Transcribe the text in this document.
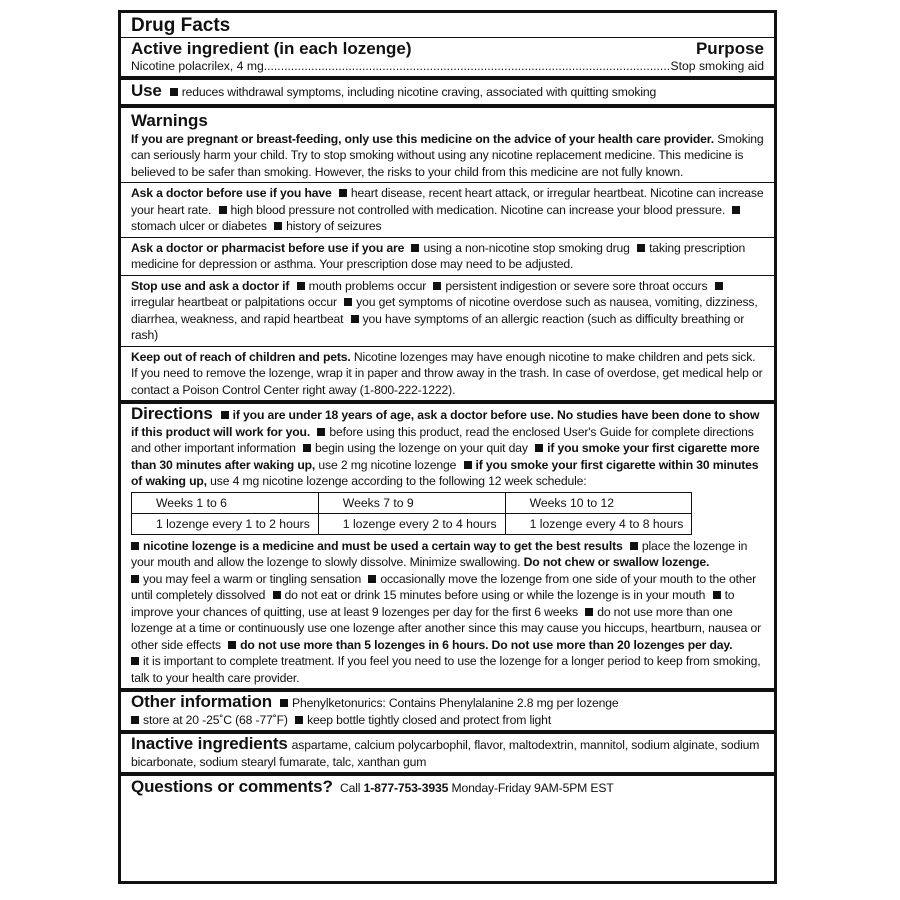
Drug Facts
Active ingredient (in each lozenge)	Purpose
Nicotine polacrilex, 4 mg .....	Stop smoking aid
Use reduces withdrawal symptoms, including nicotine craving, associated with quitting smoking
Warnings
If you are pregnant or breast-feeding, only use this medicine on the advice of your health care provider. Smoking can seriously harm your child. Try to stop smoking without using any nicotine replacement medicine. This medicine is believed to be safer than smoking. However, the risks to your child from this medicine are not fully known.
Ask a doctor before use if you have heart disease, recent heart attack, or irregular heartbeat. Nicotine can increase your heart rate. high blood pressure not controlled with medication. Nicotine can increase your blood pressure. stomach ulcer or diabetes history of seizures
Ask a doctor or pharmacist before use if you are using a non-nicotine stop smoking drug taking prescription medicine for depression or asthma. Your prescription dose may need to be adjusted.
Stop use and ask a doctor if mouth problems occur persistent indigestion or severe sore throat occurs irregular heartbeat or palpitations occur you get symptoms of nicotine overdose such as nausea, vomiting, dizziness, diarrhea, weakness, and rapid heartbeat you have symptoms of an allergic reaction (such as difficulty breathing or rash)
Keep out of reach of children and pets. Nicotine lozenges may have enough nicotine to make children and pets sick. If you need to remove the lozenge, wrap it in paper and throw away in the trash. In case of overdose, get medical help or contact a Poison Control Center right away (1-800-222-1222).
Directions if you are under 18 years of age, ask a doctor before use. No studies have been done to show if this product will work for you. before using this product, read the enclosed User's Guide for complete directions and other important information begin using the lozenge on your quit day if you smoke your first cigarette more than 30 minutes after waking up, use 2 mg nicotine lozenge if you smoke your first cigarette within 30 minutes of waking up, use 4 mg nicotine lozenge according to the following 12 week schedule:
Weeks 1 to 6	Weeks 7 to 9	Weeks 10 to 12
1 lozenge every 1 to 2 hours	1 lozenge every 2 to 4 hours	1 lozenge every 4 to 8 hours
nicotine lozenge is a medicine and must be used a certain way to get the best results place the lozenge in your mouth and allow the lozenge to slowly dissolve. Minimize swallowing. Do not chew or swallow lozenge.
you may feel a warm or tingling sensation occasionally move the lozenge from one side of your mouth to the other until completely dissolved do not eat or drink 15 minutes before using or while the lozenge is in your mouth to improve your chances of quitting, use at least 9 lozenges per day for the first 6 weeks do not use more than one lozenge at a time or continuously use one lozenge after another since this may cause you hiccups, heartburn, nausea or other side effects do not use more than 5 lozenges in 6 hours. Do not use more than 20 lozenges per day.
it is important to complete treatment. If you feel you need to use the lozenge for a longer period to keep from smoking, talk to your health care provider.
Other information Phenylketonurics: Contains Phenylalanine 2.8 mg per lozenge
store at 20 -25˚C (68 -77˚F) keep bottle tightly closed and protect from light
Inactive ingredients aspartame, calcium polycarbophil, flavor, maltodextrin, mannitol, sodium alginate, sodium bicarbonate, sodium stearyl fumarate, talc, xanthan gum
Questions or comments? Call 1-877-753-3935 Monday-Friday 9AM-5PM EST
